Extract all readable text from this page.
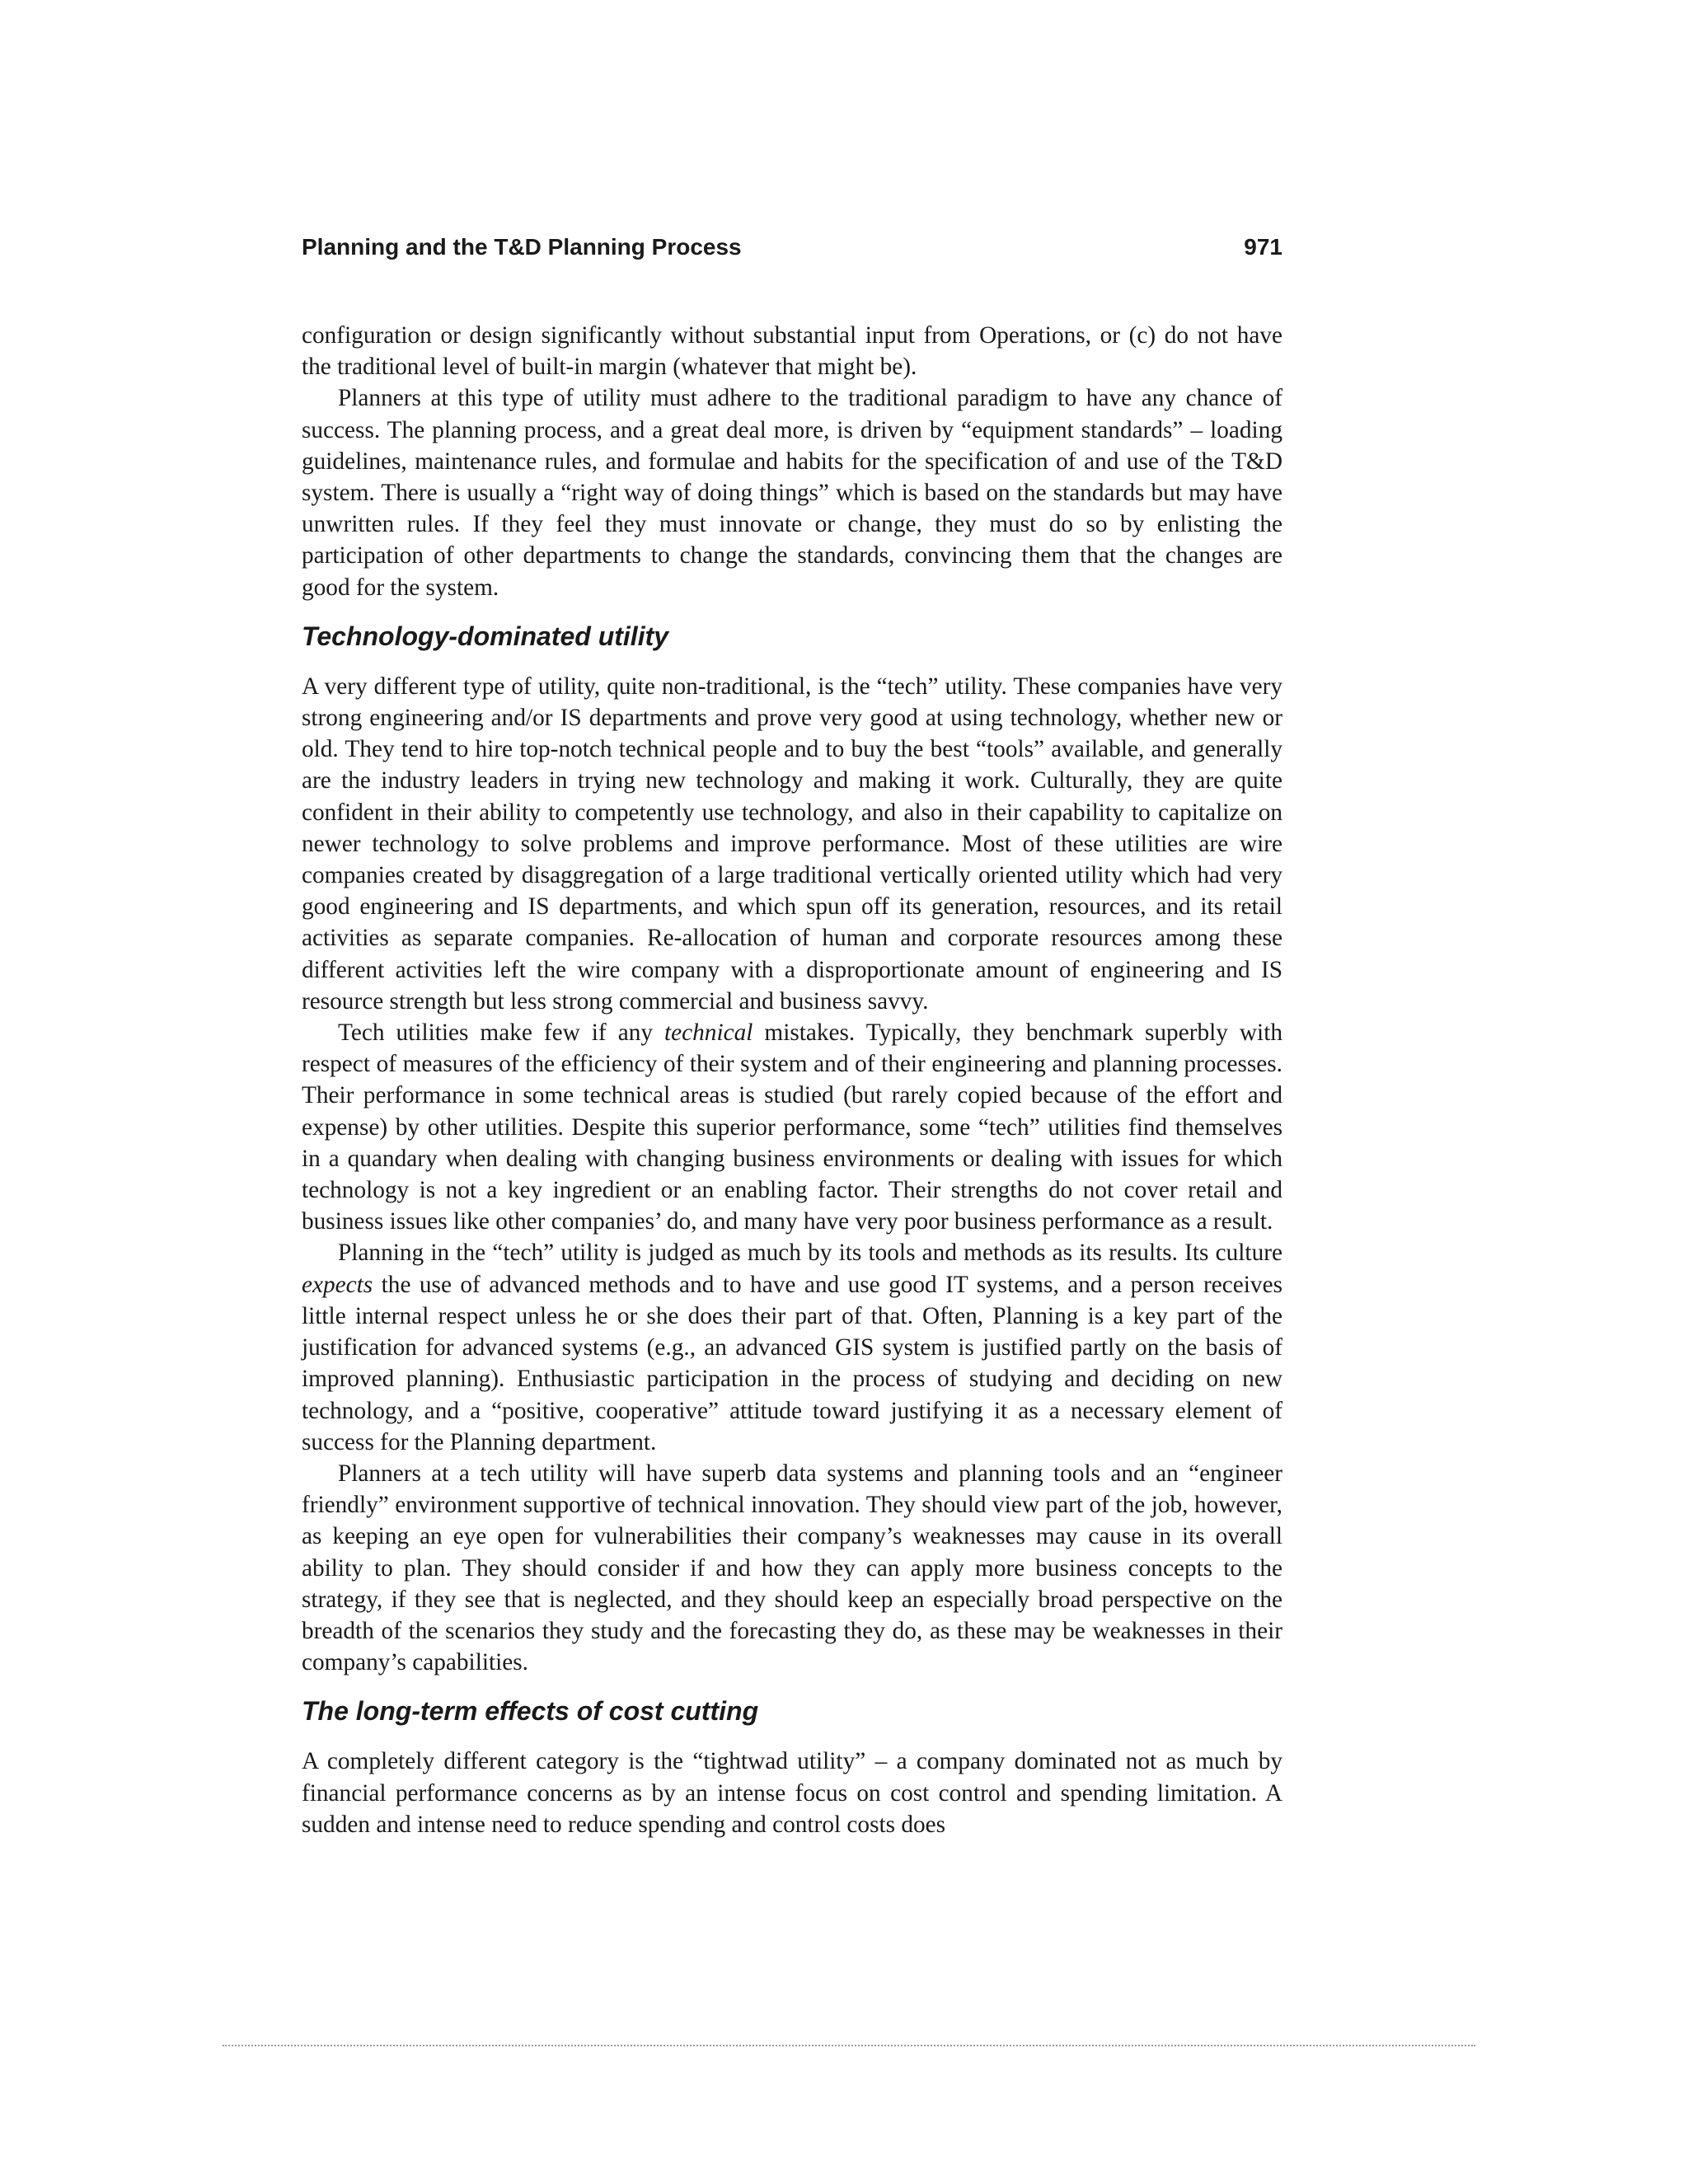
Planning and the T&D Planning Process	971

configuration or design significantly without substantial input from Operations, or (c) do not have the traditional level of built-in margin (whatever that might be).

Planners at this type of utility must adhere to the traditional paradigm to have any chance of success. The planning process, and a great deal more, is driven by “equipment standards” – loading guidelines, maintenance rules, and formulae and habits for the specification of and use of the T&D system. There is usually a “right way of doing things” which is based on the standards but may have unwritten rules. If they feel they must innovate or change, they must do so by enlisting the participation of other departments to change the standards, convincing them that the changes are good for the system.

Technology-dominated utility

A very different type of utility, quite non-traditional, is the “tech” utility. These companies have very strong engineering and/or IS departments and prove very good at using technology, whether new or old. They tend to hire top-notch technical people and to buy the best “tools” available, and generally are the industry leaders in trying new technology and making it work. Culturally, they are quite confident in their ability to competently use technology, and also in their capability to capitalize on newer technology to solve problems and improve performance. Most of these utilities are wire companies created by disaggregation of a large traditional vertically oriented utility which had very good engineering and IS departments, and which spun off its generation, resources, and its retail activities as separate companies. Re-allocation of human and corporate resources among these different activities left the wire company with a disproportionate amount of engineering and IS resource strength but less strong commercial and business savvy.

Tech utilities make few if any technical mistakes. Typically, they benchmark superbly with respect of measures of the efficiency of their system and of their engineering and planning processes. Their performance in some technical areas is studied (but rarely copied because of the effort and expense) by other utilities. Despite this superior performance, some “tech” utilities find themselves in a quandary when dealing with changing business environments or dealing with issues for which technology is not a key ingredient or an enabling factor. Their strengths do not cover retail and business issues like other companies’ do, and many have very poor business performance as a result.

Planning in the “tech” utility is judged as much by its tools and methods as its results. Its culture expects the use of advanced methods and to have and use good IT systems, and a person receives little internal respect unless he or she does their part of that. Often, Planning is a key part of the justification for advanced systems (e.g., an advanced GIS system is justified partly on the basis of improved planning). Enthusiastic participation in the process of studying and deciding on new technology, and a “positive, cooperative” attitude toward justifying it as a necessary element of success for the Planning department.

Planners at a tech utility will have superb data systems and planning tools and an “engineer friendly” environment supportive of technical innovation. They should view part of the job, however, as keeping an eye open for vulnerabilities their company’s weaknesses may cause in its overall ability to plan. They should consider if and how they can apply more business concepts to the strategy, if they see that is neglected, and they should keep an especially broad perspective on the breadth of the scenarios they study and the forecasting they do, as these may be weaknesses in their company’s capabilities.

The long-term effects of cost cutting

A completely different category is the “tightwad utility” – a company dominated not as much by financial performance concerns as by an intense focus on cost control and spending limitation. A sudden and intense need to reduce spending and control costs does
